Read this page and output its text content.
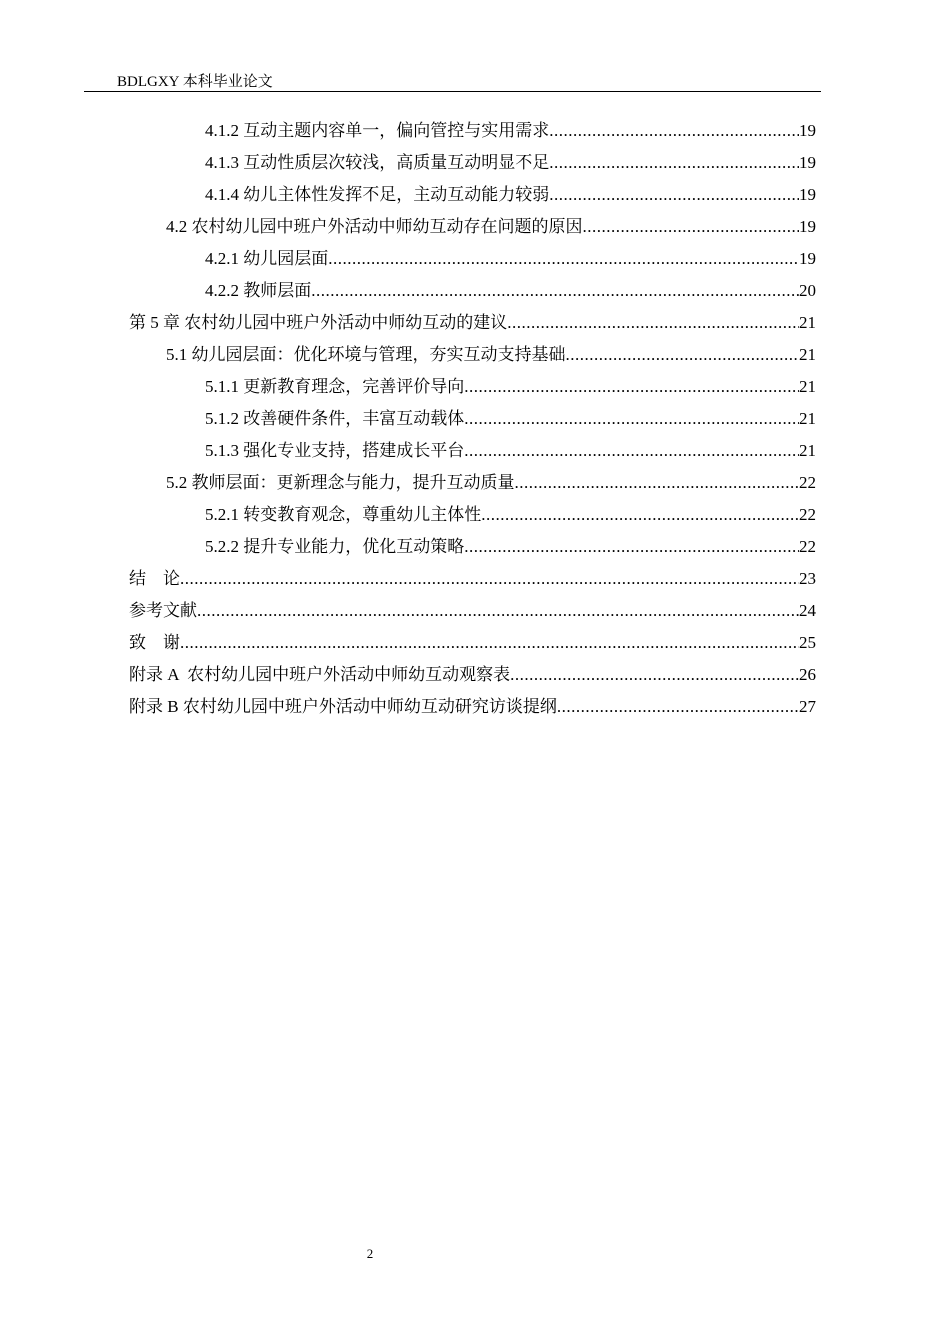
BDLGXY 本科毕业论文
4.1.2 互动主题内容单一，偏向管控与实用需求 .....	19
4.1.3 互动性质层次较浅，高质量互动明显不足 .....	19
4.1.4 幼儿主体性发挥不足，主动互动能力较弱 .....	19
4.2 农村幼儿园中班户外活动中师幼互动存在问题的原因 .....	19
4.2.1 幼儿园层面 .....	19
4.2.2 教师层面 .....	20
第 5 章 农村幼儿园中班户外活动中师幼互动的建议 .....	21
5.1 幼儿园层面：优化环境与管理，夯实互动支持基础 .....	21
5.1.1 更新教育理念，完善评价导向 .....	21
5.1.2 改善硬件条件，丰富互动载体 .....	21
5.1.3 强化专业支持，搭建成长平台 .....	21
5.2 教师层面：更新理念与能力，提升互动质量 .....	22
5.2.1 转变教育观念，尊重幼儿主体性 .....	22
5.2.2 提升专业能力，优化互动策略 .....	22
结    论 .....	23
参考文献 .....	24
致    谢 .....	25
附录 A  农村幼儿园中班户外活动中师幼互动观察表 .....	26
附录 B 农村幼儿园中班户外活动中师幼互动研究访谈提纲 .....	27
2
